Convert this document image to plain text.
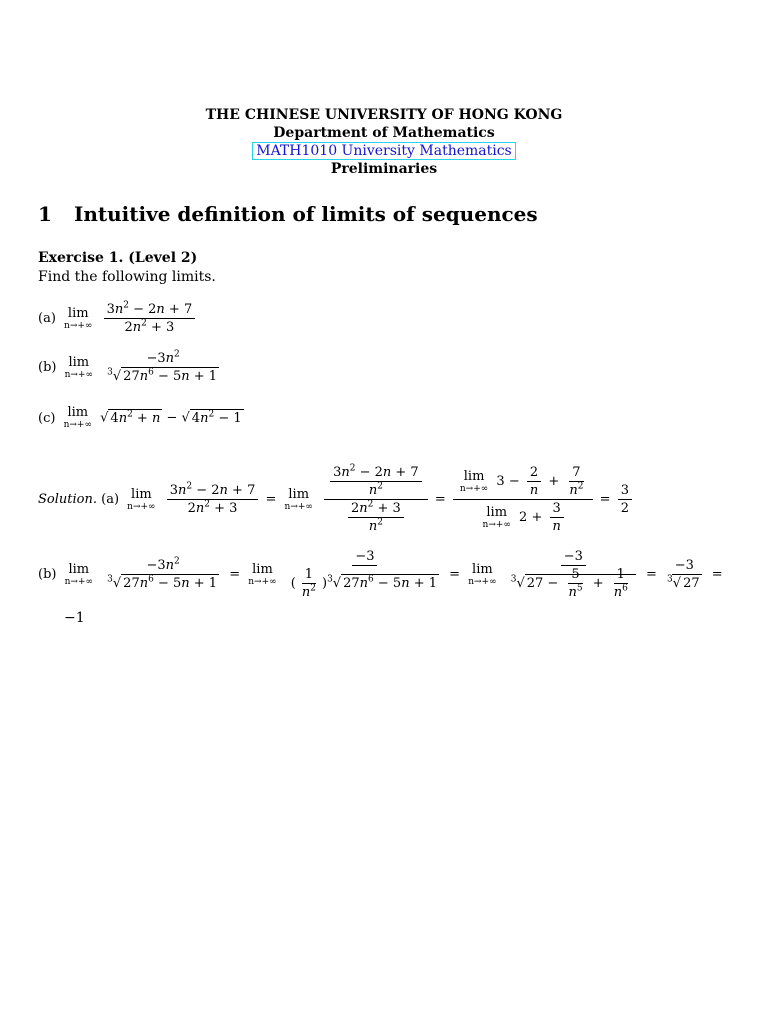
THE CHINESE UNIVERSITY OF HONG KONG
Department of Mathematics
MATH1010 University Mathematics
Preliminaries
1 Intuitive definition of limits of sequences
Exercise 1. (Level 2)
Find the following limits.
(a) lim
n→+∞
$\frac{3n^2 - 2n + 7}{2n^2 + 3}$
(b) lim
n→+∞
$\frac{-3n^2}{^3√ 27n^6 - 5n + 1}$
(c) lim
n→+∞ √ $4n^2 + n$ − √ $4n^2 - 1$
Solution. (a) lim
n→+∞
$\frac{3n^2 - 2n + 7}{2n^2 + 3} = \lim$
n→+∞
$\frac{\frac{3n^2 - 2n + 7}{n^2}}{\frac{2n^2 + 3}{n^2}} = \lim$
n→+∞ $3 - \frac{2}{n} + \frac{7}{n^2}$
lim
n→+∞ $2 + \frac{3}{n} = \frac{3}{2}$
(b) lim
n→+∞
$\frac{-3n^2}{^3√ 27n^6 - 5n + 1} = \lim$
n→+∞
$\frac{-3}{( \frac{1}{n^2} )^3√ 27n^6 - 5n + 1} = \lim$
n→+∞
$\frac{-3}{^3√ 27 - \frac{5}{n^5} + \frac{1}{n^6}} = \frac{-3}{^3√ 27}$ =
−1
